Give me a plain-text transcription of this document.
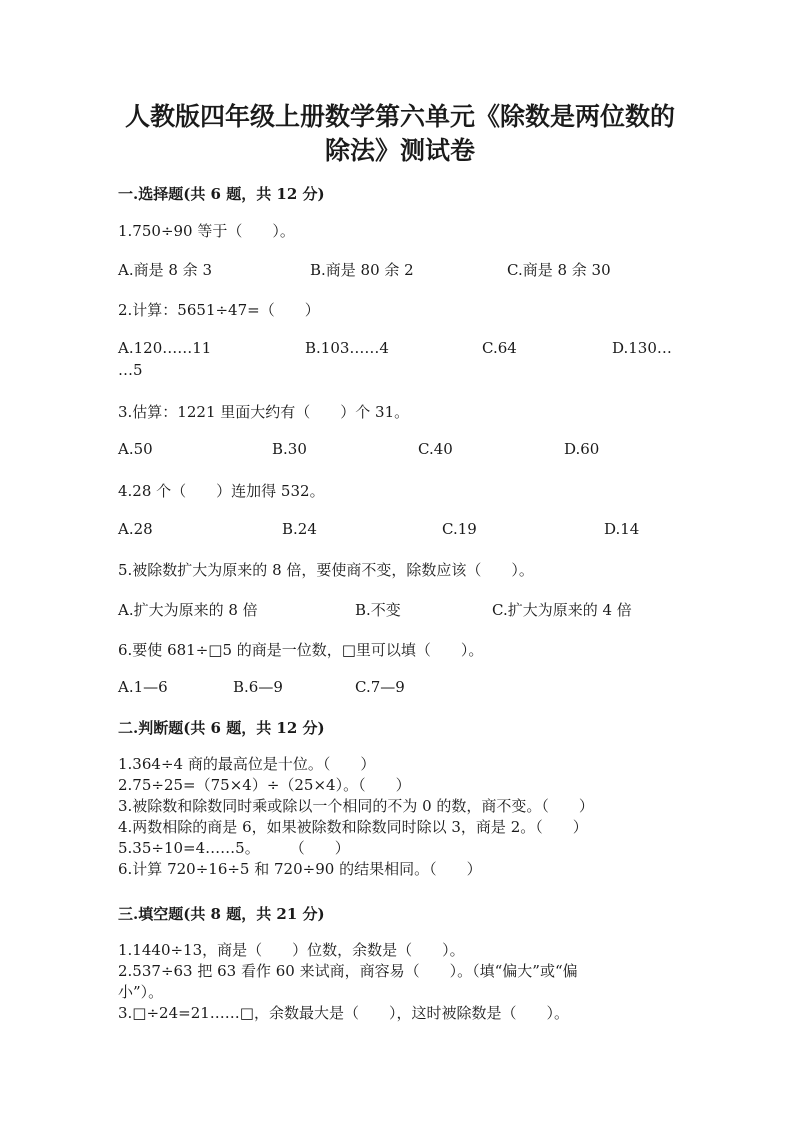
人教版四年级上册数学第六单元《除数是两位数的
除法》测试卷
一.选择题(共 6 题，共 12 分)
1.750÷90 等于（　　）。
A.商是 8 余 3	B.商是 80 余 2	C.商是 8 余 30
2.计算：5651÷47=（　　）
A.120……11	B.103……4	C.64	D.130…
…5
3.估算：1221 里面大约有（　　）个 31。
A.50	B.30	C.40	D.60
4.28 个（　　）连加得 532。
A.28	B.24	C.19	D.14
5.被除数扩大为原来的 8 倍，要使商不变，除数应该（　　）。
A.扩大为原来的 8 倍	B.不变	C.扩大为原来的 4 倍
6.要使 681÷□5 的商是一位数，□里可以填（　　）。
A.1—6	B.6—9	C.7—9
二.判断题(共 6 题，共 12 分)
1.364÷4 商的最高位是十位。（　　）
2.75÷25=（75×4）÷（25×4）。（　　）
3.被除数和除数同时乘或除以一个相同的不为 0 的数，商不变。（　　）
4.两数相除的商是 6，如果被除数和除数同时除以 3，商是 2。（　　）
5.35÷10=4……5。　　　（　　）
6.计算 720÷16÷5 和 720÷90 的结果相同。（　　）
三.填空题(共 8 题，共 21 分)
1.1440÷13，商是（　　）位数，余数是（　　）。
2.537÷63 把 63 看作 60 来试商，商容易（　　）。（填“偏大”或“偏
小”）。
3.□÷24=21……□，余数最大是（　　），这时被除数是（　　）。
